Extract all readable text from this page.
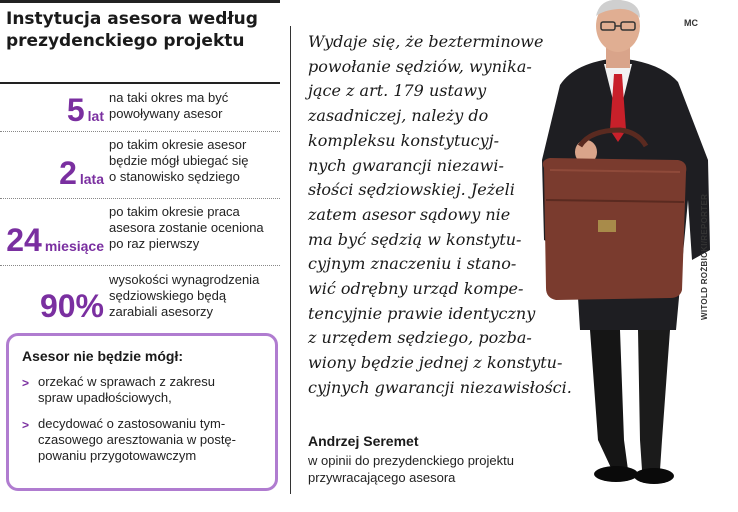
Instytucja asesora według
prezydenckiego projektu
5 lat
na taki okres ma być
powoływany asesor
2 lata
po takim okresie asesor
będzie mógł ubiegać się
o stanowisko sędziego
24 miesiące
po takim okresie praca
asesora zostanie oceniona
po raz pierwszy
90%
wysokości wynagrodzenia
sędziowskiego będą
zarabiali asesorzy
Asesor nie będzie mógł:
> orzekać w sprawach z zakresu
spraw upadłościowych,
> decydować o zastosowaniu tym-
czasowego aresztowania w postę-
powaniu przygotowawczym
Wydaje się, że bezterminowe
powołanie sędziów, wynika-
jące z art. 179 ustawy
zasadniczej, należy do
kompleksu konstytucyj-
nych gwarancji niezawi-
słości sędziowskiej. Jeżeli
zatem asesor sądowy nie
ma być sędzią w konstytu-
cyjnym znaczeniu i stano-
wić odrębny urząd kompe-
tencyjnie prawie identyczny
z urzędem sędziego, pozba-
wiony będzie jednej z konstytu-
cyjnych gwarancji niezawisłości.
Andrzej Seremet
w opinii do prezydenckiego projektu
przywracającego asesora
MC
WITOLD ROŻBICKI/REPORTER
